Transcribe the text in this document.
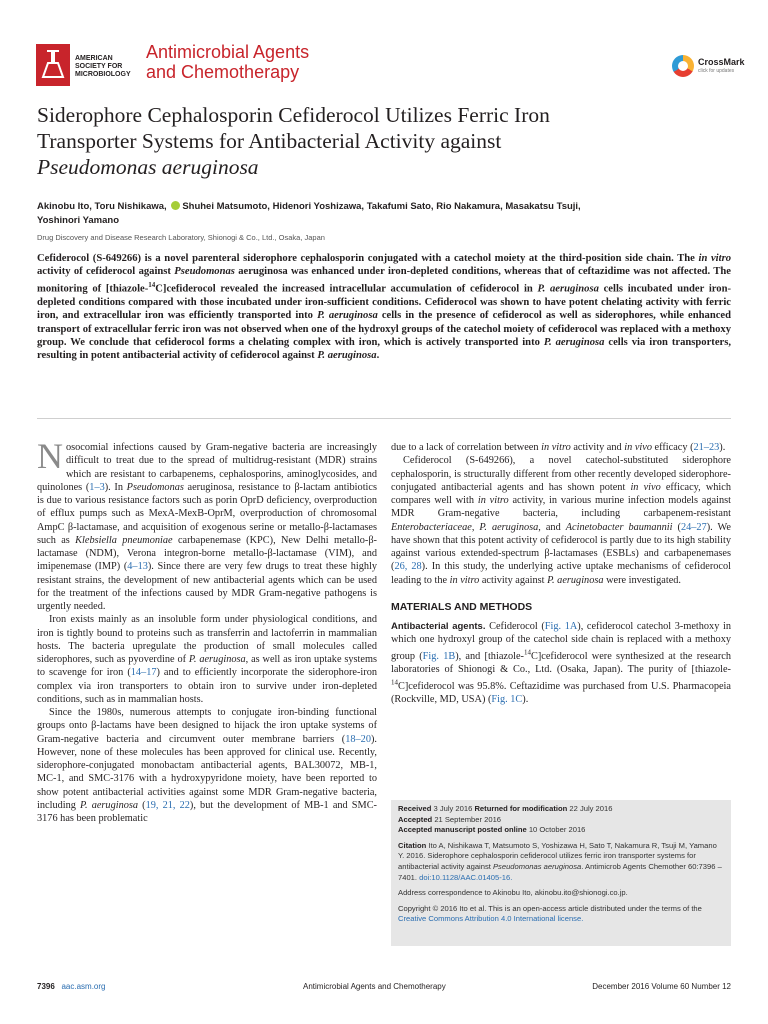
AMERICAN SOCIETY FOR MICROBIOLOGY
Antimicrobial Agents
and Chemotherapy	CrossMark
click for updates
Siderophore Cephalosporin Cefiderocol Utilizes Ferric Iron
Transporter Systems for Antibacterial Activity against
Pseudomonas aeruginosa
Akinobu Ito, Toru Nishikawa, Shuhei Matsumoto, Hidenori Yoshizawa, Takafumi Sato, Rio Nakamura, Masakatsu Tsuji,
Yoshinori Yamano
Drug Discovery and Disease Research Laboratory, Shionogi & Co., Ltd., Osaka, Japan
Cefiderocol (S-649266) is a novel parenteral siderophore cephalosporin conjugated with a catechol moiety at the third-position side chain. The in vitro activity of cefiderocol against Pseudomonas aeruginosa was enhanced under iron-depleted conditions, whereas that of ceftazidime was not affected. The monitoring of [thiazole-$^{14}$C]cefiderocol revealed the increased intracellular accumulation of cefiderocol in P. aeruginosa cells incubated under iron-depleted conditions compared with those incubated under iron-sufficient conditions. Cefiderocol was shown to have potent chelating activity with ferric iron, and extracellular iron was efficiently transported into P. aeruginosa cells in the presence of cefiderocol as well as siderophores, while enhanced transport of extracellular ferric iron was not observed when one of the hydroxyl groups of the catechol moiety of cefiderocol was replaced with a methoxy group. We conclude that cefiderocol forms a chelating complex with iron, which is actively transported into P. aeruginosa cells via iron transporters, resulting in potent antibacterial activity of cefiderocol against P. aeruginosa.

Nosocomial infections caused by Gram-negative bacteria are increasingly difficult to treat due to the spread of multidrug-resistant (MDR) strains which are resistant to carbapenems, cephalosporins, aminoglycosides, and quinolones (1–3). In Pseudomonas aeruginosa, resistance to β-lactam antibiotics is due to various resistance factors such as porin OprD deficiency, overproduction of efflux pumps such as MexA-MexB-OprM, overproduction of chromosomal AmpC β-lactamase, and acquisition of exogenous serine or metallo-β-lactamases such as Klebsiella pneumoniae carbapenemase (KPC), New Delhi metallo-β-lactamase (NDM), Verona integron-borne metallo-β-lactamase (VIM), and imipenemase (IMP) (4–13). Since there are very few drugs to treat these highly resistant strains, the development of new antibacterial agents which can be used for the treatment of the infections caused by MDR Gram-negative pathogens is urgently needed.

Iron exists mainly as an insoluble form under physiological conditions, and iron is tightly bound to proteins such as transferrin and lactoferrin in mammalian hosts. The bacteria upregulate the production of small molecules called siderophores, such as pyoverdine of P. aeruginosa, as well as iron uptake systems to scavenge for iron (14–17) and to efficiently incorporate the siderophore-iron complex via iron transporters to obtain iron to survive under iron-depleted conditions, such as in mammalian hosts.

Since the 1980s, numerous attempts to conjugate iron-binding functional groups onto β-lactams have been designed to hijack the iron uptake systems of Gram-negative bacteria and circumvent outer membrane barriers (18–20). However, none of these molecules has been approved for clinical use. Recently, siderophore-conjugated monobactam antibacterial agents, BAL30072, MB-1, MC-1, and SMC-3176 with a hydroxypyridone moiety, have been reported to show potent antibacterial activities against some MDR Gram-negative bacteria, including P. aeruginosa (19, 21, 22), but the development of MB-1 and SMC-3176 has been problematic

due to a lack of correlation between in vitro activity and in vivo efficacy (21–23).

Cefiderocol (S-649266), a novel catechol-substituted siderophore cephalosporin, is structurally different from other recently developed siderophore-conjugated antibacterial agents and has shown potent in vivo efficacy, which compares well with in vitro activity, in various murine infection models against MDR Gram-negative bacteria, including carbapenem-resistant Enterobacteriaceae, P. aeruginosa, and Acinetobacter baumannii (24–27). We have shown that this potent activity of cefiderocol is partly due to its high stability against various extended-spectrum β-lactamases (ESBLs) and carbapenemases (26, 28). In this study, the underlying active uptake mechanisms of cefiderocol leading to the in vitro activity against P. aeruginosa were investigated.

MATERIALS AND METHODS

Antibacterial agents. Cefiderocol (Fig. 1A), cefiderocol catechol 3-methoxy in which one hydroxyl group of the catechol side chain is replaced with a methoxy group (Fig. 1B), and [thiazole-$^{14}$C]cefiderocol were synthesized at the research laboratories of Shionogi & Co., Ltd. (Osaka, Japan). The purity of [thiazole-$^{14}$C]cefiderocol was 95.8%. Ceftazidime was purchased from U.S. Pharmacopeia (Rockville, MD, USA) (Fig. 1C).

Received 3 July 2016 Returned for modification 22 July 2016
Accepted 21 September 2016
Accepted manuscript posted online 10 October 2016
Citation Ito A, Nishikawa T, Matsumoto S, Yoshizawa H, Sato T, Nakamura R, Tsuji M, Yamano Y. 2016. Siderophore cephalosporin cefiderocol utilizes ferric iron transporter systems for antibacterial activity against Pseudomonas aeruginosa. Antimicrob Agents Chemother 60:7396 –7401. doi:10.1128/AAC.01405-16.
Address correspondence to Akinobu Ito, akinobu.ito@shionogi.co.jp.
Copyright © 2016 Ito et al. This is an open-access article distributed under the terms of the Creative Commons Attribution 4.0 International license.
7396 aac.asm.org	Antimicrobial Agents and Chemotherapy	December 2016 Volume 60 Number 12
